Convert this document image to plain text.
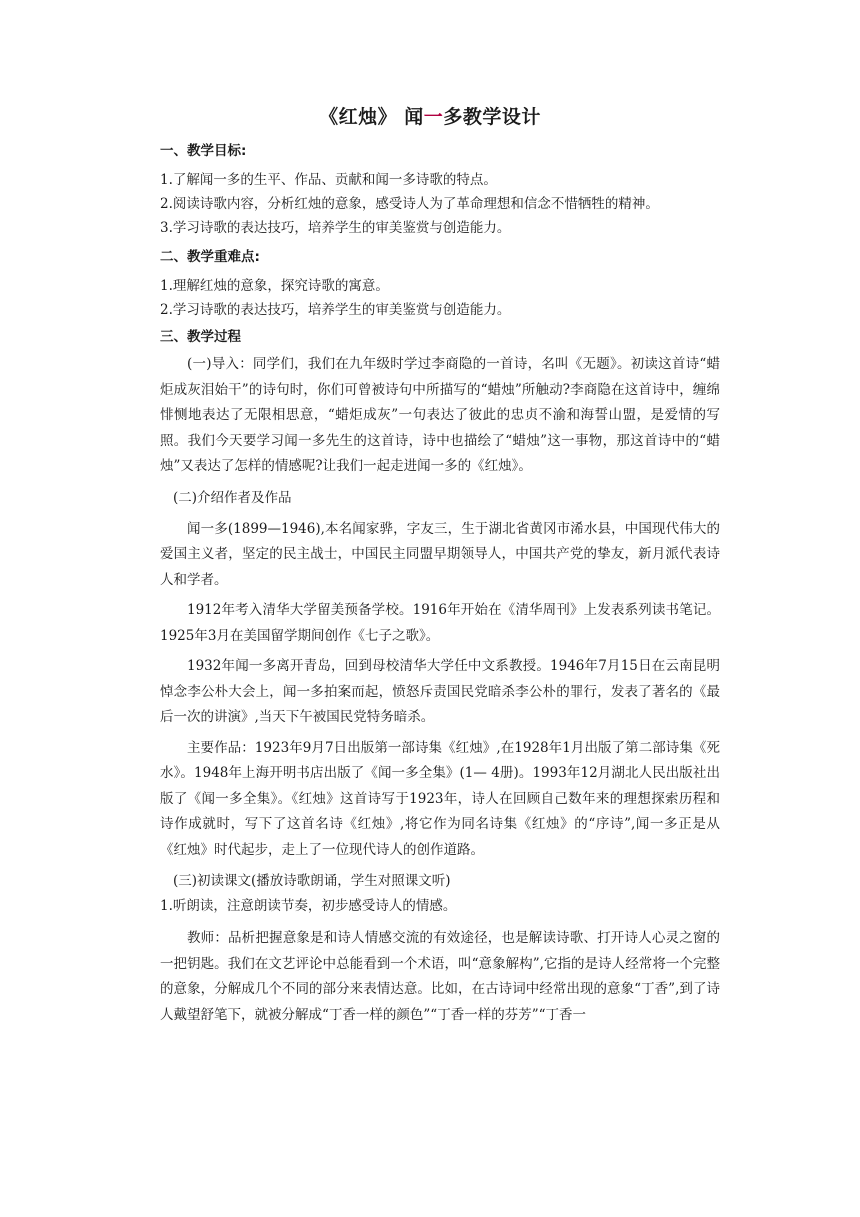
《红烛》 闻一多教学设计

一、教学目标:

1.了解闻一多的生平、作品、贡献和闻一多诗歌的特点。

2.阅读诗歌内容，分析红烛的意象，感受诗人为了革命理想和信念不惜牺牲的精神。

3.学习诗歌的表达技巧，培养学生的审美鉴赏与创造能力。

二、教学重难点:

1.理解红烛的意象，探究诗歌的寓意。

2.学习诗歌的表达技巧，培养学生的审美鉴赏与创造能力。

三、教学过程

(一)导入：同学们，我们在九年级时学过李商隐的一首诗，名叫《无题》。初读这首诗“蜡炬成灰泪始干”的诗句时，你们可曾被诗句中所描写的“蜡烛”所触动?李商隐在这首诗中，缠绵悱恻地表达了无限相思意，“蜡炬成灰”一句表达了彼此的忠贞不渝和海誓山盟，是爱情的写照。我们今天要学习闻一多先生的这首诗，诗中也描绘了“蜡烛”这一事物，那这首诗中的“蜡烛”又表达了怎样的情感呢?让我们一起走进闻一多的《红烛》。

(二)介绍作者及作品

闻一多(1899—1946),本名闻家骅，字友三，生于湖北省黄冈市浠水县，中国现代伟大的爱国主义者，坚定的民主战士，中国民主同盟早期领导人，中国共产党的挚友，新月派代表诗人和学者。

1912年考入清华大学留美预备学校。1916年开始在《清华周刊》上发表系列读书笔记。1925年3月在美国留学期间创作《七子之歌》。

1932年闻一多离开青岛，回到母校清华大学任中文系教授。1946年7月15日在云南昆明悼念李公朴大会上，闻一多拍案而起，愤怒斥责国民党暗杀李公朴的罪行，发表了著名的《最后一次的讲演》,当天下午被国民党特务暗杀。

主要作品：1923年9月7日出版第一部诗集《红烛》,在1928年1月出版了第二部诗集《死水》。1948年上海开明书店出版了《闻一多全集》(1— 4册)。1993年12月湖北人民出版社出版了《闻一多全集》。《红烛》这首诗写于1923年，诗人在回顾自己数年来的理想探索历程和诗作成就时，写下了这首名诗《红烛》,将它作为同名诗集《红烛》的“序诗”,闻一多正是从《红烛》时代起步，走上了一位现代诗人的创作道路。

(三)初读课文(播放诗歌朗诵，学生对照课文听)

1.听朗读，注意朗读节奏，初步感受诗人的情感。

教师：品析把握意象是和诗人情感交流的有效途径，也是解读诗歌、打开诗人心灵之窗的一把钥匙。我们在文艺评论中总能看到一个术语，叫“意象解构”,它指的是诗人经常将一个完整的意象，分解成几个不同的部分来表情达意。比如，在古诗词中经常出现的意象“丁香”,到了诗人戴望舒笔下，就被分解成“丁香一样的颜色”“丁香一样的芬芳”“丁香一
